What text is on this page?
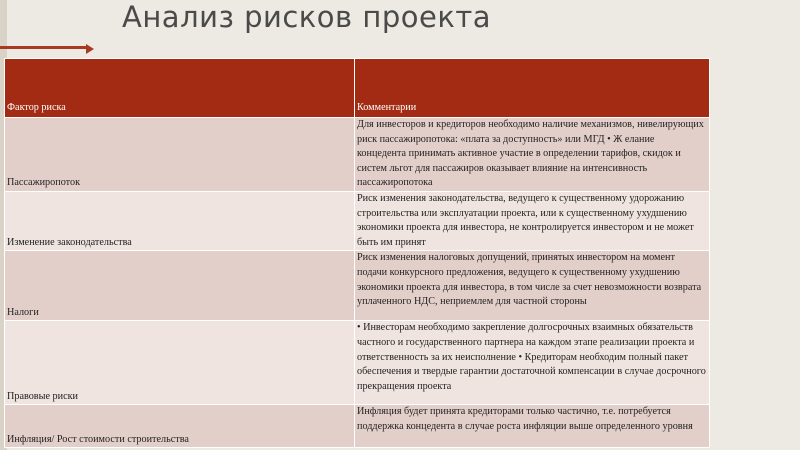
Анализ рисков проекта
Фактор риска	Комментарии
Пассажиропоток	Для инвесторов и кредиторов необходимо наличие механизмов, нивелирующих риск пассажиропотока: «плата за доступность» или МГД • Ж елание концедента принимать активное участие в определении тарифов, скидок и систем льгот для пассажиров оказывает влияние на интенсивность пассажиропотока
Изменение законодательства	Риск изменения законодательства, ведущего к существенному удорожанию строительства или эксплуатации проекта, или к существенному ухудшению экономики проекта для инвестора, не контролируется инвестором и не может быть им принят
Налоги	Риск изменения налоговых допущений, принятых инвестором на момент подачи конкурсного предложения, ведущего к существенному ухудшению экономики проекта для инвестора, в том числе за счет невозможности возврата уплаченного НДС, неприемлем для частной стороны
Правовые риски	• Инвесторам необходимо закрепление долгосрочных взаимных обязательств частного и государственного партнера на каждом этапе реализации проекта и ответственность за их неисполнение • Кредиторам необходим полный пакет обеспечения и твердые гарантии достаточной компенсации в случае досрочного прекращения проекта
Инфляция/ Рост стоимости строительства	Инфляция будет принята кредиторами только частично, т.е. потребуется поддержка концедента в случае роста инфляции выше определенного уровня
